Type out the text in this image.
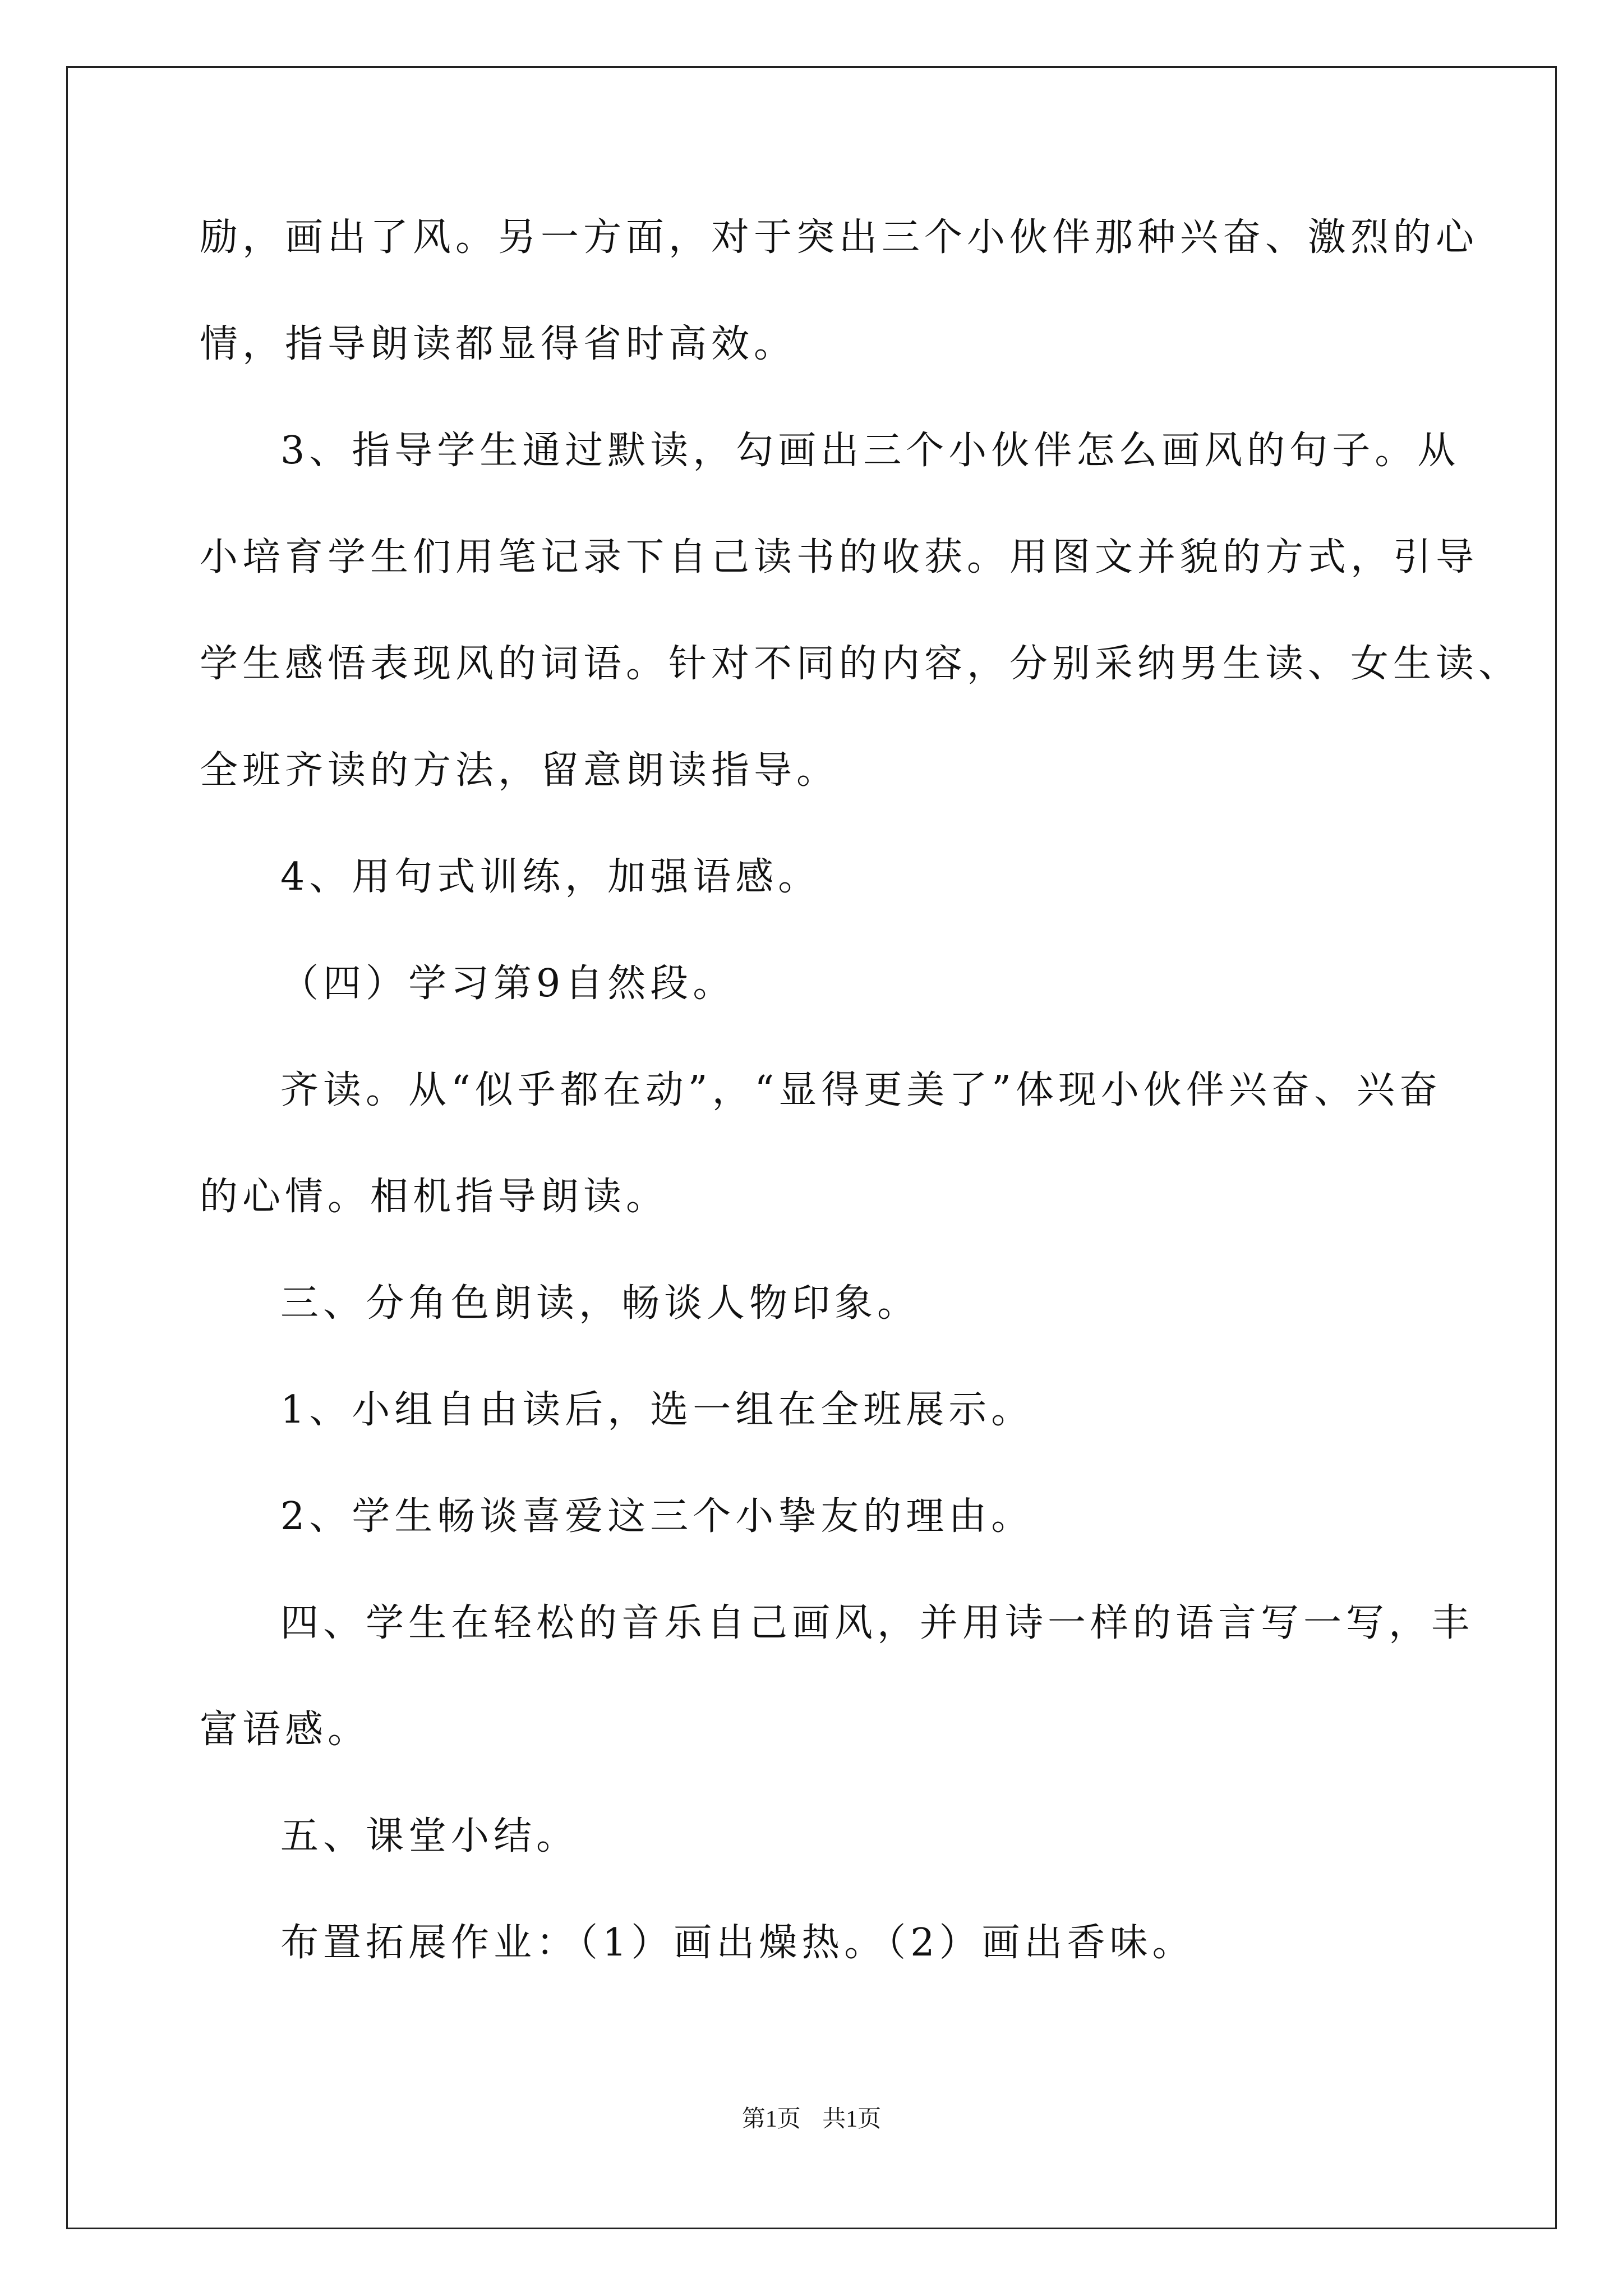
励，画出了风。另一方面，对于突出三个小伙伴那种兴奋、激烈的心
情，指导朗读都显得省时高效。
3、指导学生通过默读，勾画出三个小伙伴怎么画风的句子。从
小培育学生们用笔记录下自己读书的收获。用图文并貌的方式，引导
学生感悟表现风的词语。针对不同的内容，分别采纳男生读、女生读、
全班齐读的方法，留意朗读指导。
4、用句式训练，加强语感。
（四）学习第9自然段。
齐读。从“似乎都在动”，“显得更美了”体现小伙伴兴奋、兴奋
的心情。相机指导朗读。
三、分角色朗读，畅谈人物印象。
1、小组自由读后，选一组在全班展示。
2、学生畅谈喜爱这三个小挚友的理由。
四、学生在轻松的音乐自己画风，并用诗一样的语言写一写，丰
富语感。
五、课堂小结。
布置拓展作业：（1）画出燥热。（2）画出香味。
第1页 共1页
